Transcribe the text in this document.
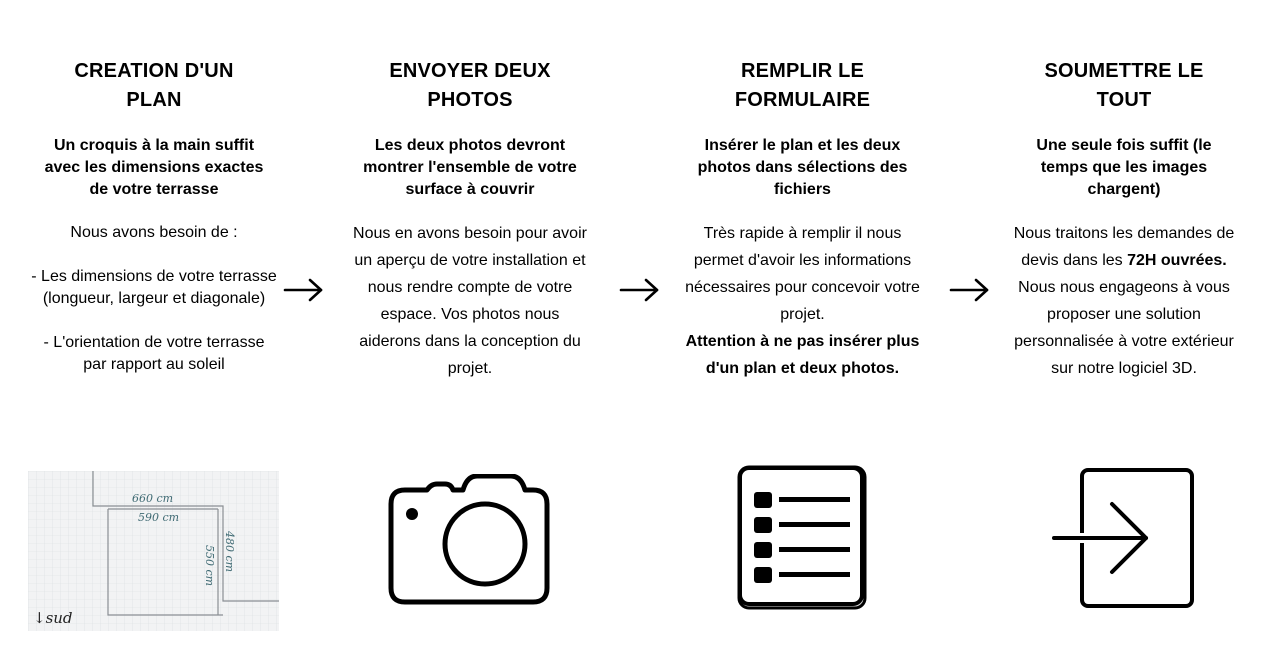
CREATION D'UN
PLAN
Un croquis à la main suffit avec les dimensions exactes de votre terrasse

Nous avons besoin de :

- Les dimensions de votre terrasse (longueur, largeur et diagonale)

- L'orientation de votre terrasse par rapport au soleil

ENVOYER DEUX
PHOTOS
Les deux photos devront montrer l'ensemble de votre surface à couvrir

Nous en avons besoin pour avoir un aperçu de votre installation et nous rendre compte de votre espace. Vos photos nous aiderons dans la conception du projet.

REMPLIR LE
FORMULAIRE
Insérer le plan et les deux photos dans sélections des fichiers

Très rapide à remplir il nous permet d'avoir les informations nécessaires pour concevoir votre projet.

Attention à ne pas insérer plus d'un plan et deux photos.

SOUMETTRE LE
TOUT
Une seule fois suffit (le temps que les images chargent)

Nous traitons les demandes de devis dans les 72H ouvrées. Nous nous engageons à vous proposer une solution personnalisée à votre extérieur sur notre logiciel 3D.

660 cm
590 cm
480 cm
550 cm
↓sud
